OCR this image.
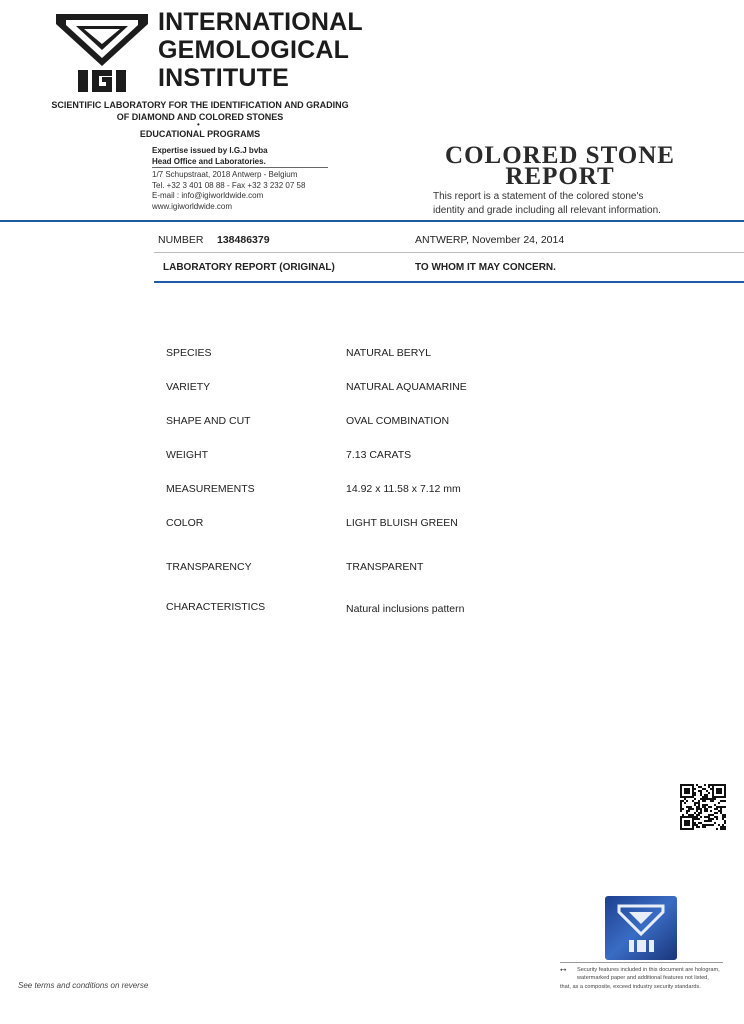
INTERNATIONAL
GEMOLOGICAL
INSTITUTE
SCIENTIFIC LABORATORY FOR THE IDENTIFICATION AND GRADING
OF DIAMOND AND COLORED STONES
•
EDUCATIONAL PROGRAMS
Expertise issued by I.G.J bvba
Head Office and Laboratories.
1/7 Schupstraat, 2018 Antwerp - Belgium
Tel. +32 3 401 08 88 - Fax +32 3 232 07 58
E-mail : info@igiworldwide.com
www.igiworldwide.com
COLORED STONE
REPORT
This report is a statement of the colored stone's
identity and grade including all relevant information.
NUMBER 138486379	ANTWERP, November 24, 2014
LABORATORY REPORT (ORIGINAL)	TO WHOM IT MAY CONCERN.
SPECIES	NATURAL BERYL
VARIETY	NATURAL AQUAMARINE
SHAPE AND CUT	OVAL COMBINATION
WEIGHT	7.13 CARATS
MEASUREMENTS	14.92 x 11.58 x 7.12 mm
COLOR	LIGHT BLUISH GREEN
TRANSPARENCY	TRANSPARENT
CHARACTERISTICS	Natural inclusions pattern
See terms and conditions on reverse
⭤ Security features included in this document are hologram,
watermarked paper and additional features not listed,
that, as a composite, exceed industry security standards.
